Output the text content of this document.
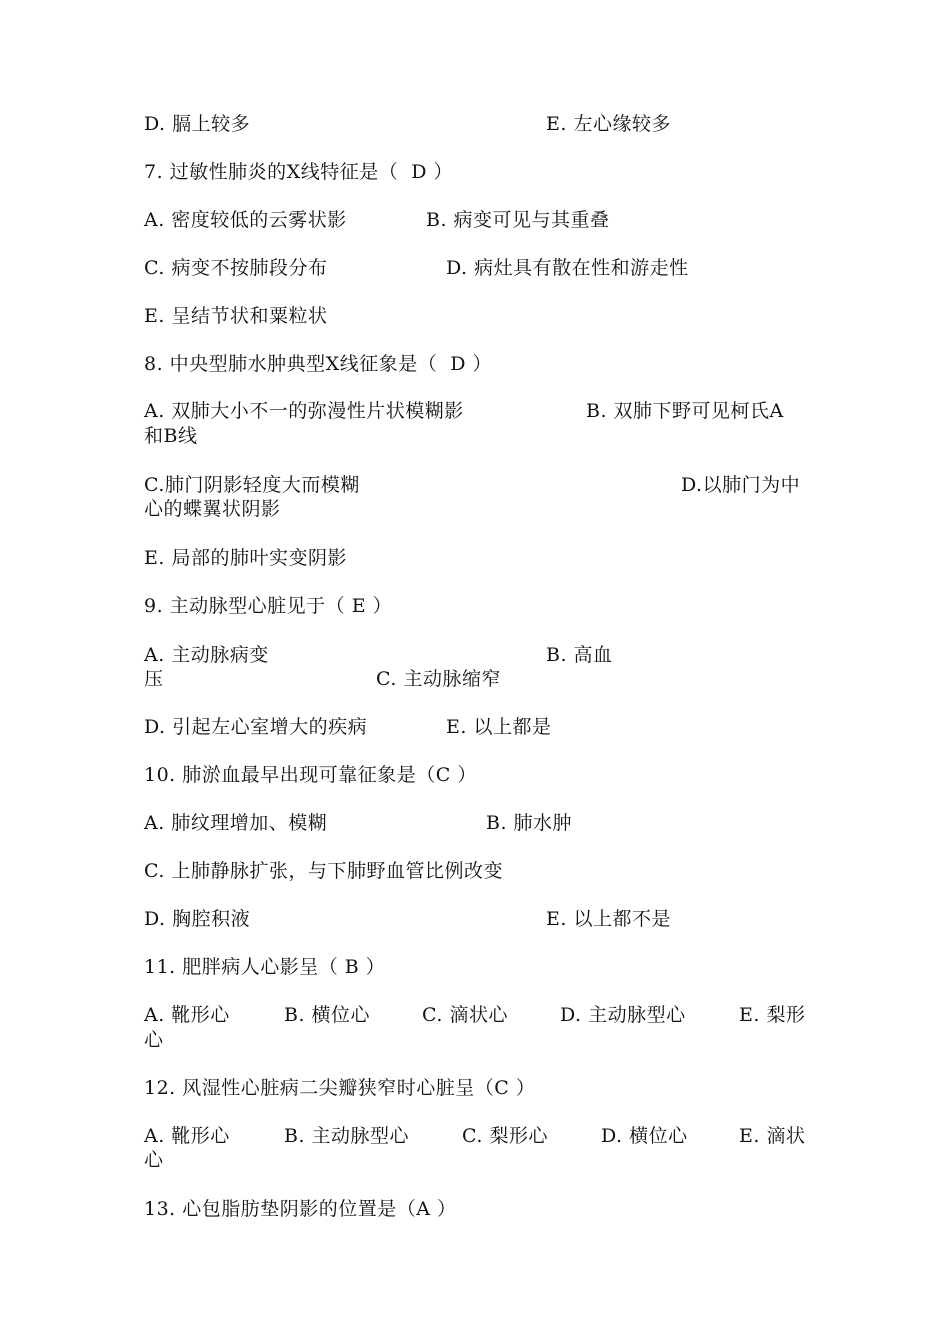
D. 膈上较多	E. 左心缘较多
7. 过敏性肺炎的X线特征是（  D ）
A. 密度较低的云雾状影	B. 病变可见与其重叠
C. 病变不按肺段分布	D. 病灶具有散在性和游走性
E. 呈结节状和粟粒状
8. 中央型肺水肿典型X线征象是（  D ）
A. 双肺大小不一的弥漫性片状模糊影	B. 双肺下野可见柯氏A
和B线
C.肺门阴影轻度大而模糊	D.以肺门为中
心的蝶翼状阴影
E. 局部的肺叶实变阴影
9. 主动脉型心脏见于（ E ）
A. 主动脉病变	B. 高血
压	C. 主动脉缩窄
D. 引起左心室增大的疾病	E. 以上都是
10. 肺淤血最早出现可靠征象是（C ）
A. 肺纹理增加、模糊	B. 肺水肿
C. 上肺静脉扩张，与下肺野血管比例改变
D. 胸腔积液	E. 以上都不是
11. 肥胖病人心影呈（ B ）
A. 靴形心	B. 横位心	C. 滴状心	D. 主动脉型心	E. 梨形
心
12. 风湿性心脏病二尖瓣狭窄时心脏呈（C ）
A. 靴形心	B. 主动脉型心	C. 梨形心	D. 横位心	E. 滴状
心
13. 心包脂肪垫阴影的位置是（A ）
